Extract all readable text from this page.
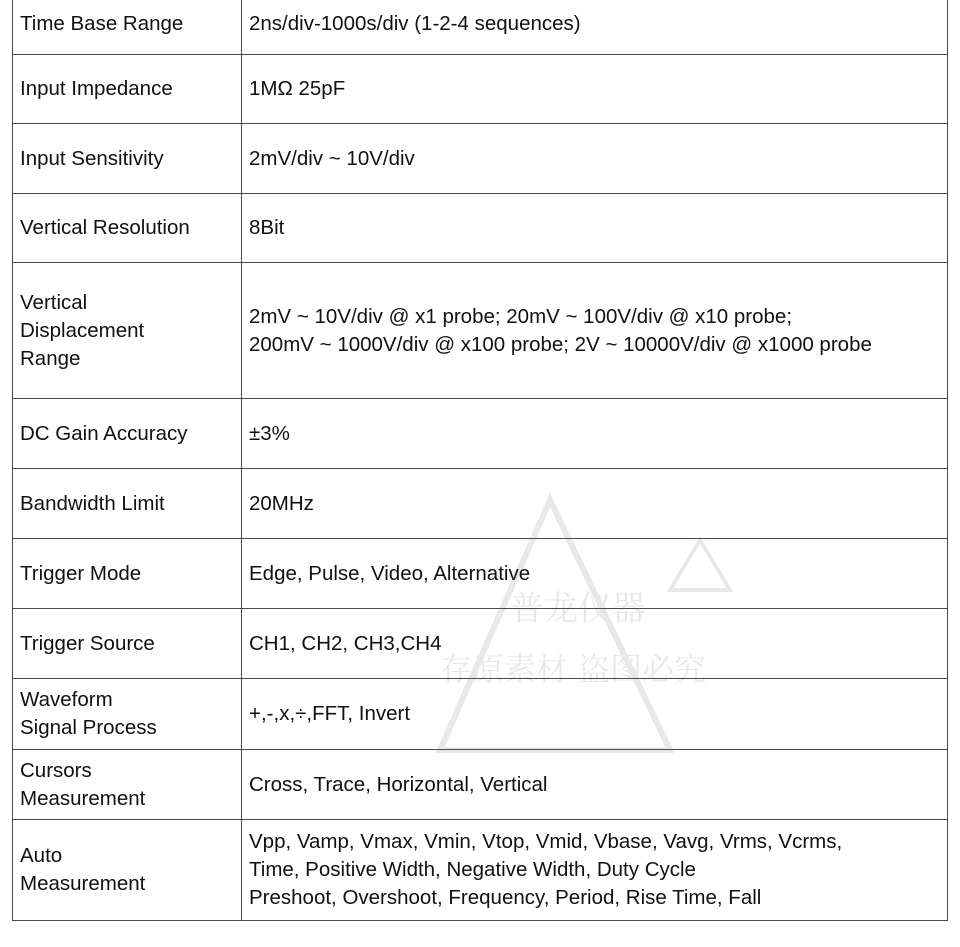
Time Base Range	2ns/div-1000s/div (1-2-4 sequences)

Input Impedance	1MΩ 25pF

Input Sensitivity	2mV/div ~ 10V/div

Vertical Resolution	8Bit

Vertical
Displacement
Range	2mV ~ 10V/div @ x1 probe; 20mV ~ 100V/div @ x10 probe;
200mV ~ 1000V/div @ x100 probe; 2V ~ 10000V/div @ x1000 probe

DC Gain Accuracy	±3%

Bandwidth Limit	20MHz

Trigger Mode	Edge, Pulse, Video, Alternative

Trigger Source	CH1, CH2, CH3,CH4

Waveform
Signal Process	+,-,x,÷,FFT, Invert

Cursors
Measurement	Cross, Trace, Horizontal, Vertical

Auto
Measurement	Vpp, Vamp, Vmax, Vmin, Vtop, Vmid, Vbase, Vavg, Vrms, Vcrms,
Time, Positive Width, Negative Width, Duty Cycle
Preshoot, Overshoot, Frequency, Period, Rise Time, Fall
普龙仪器
存原素材 盗图必究
